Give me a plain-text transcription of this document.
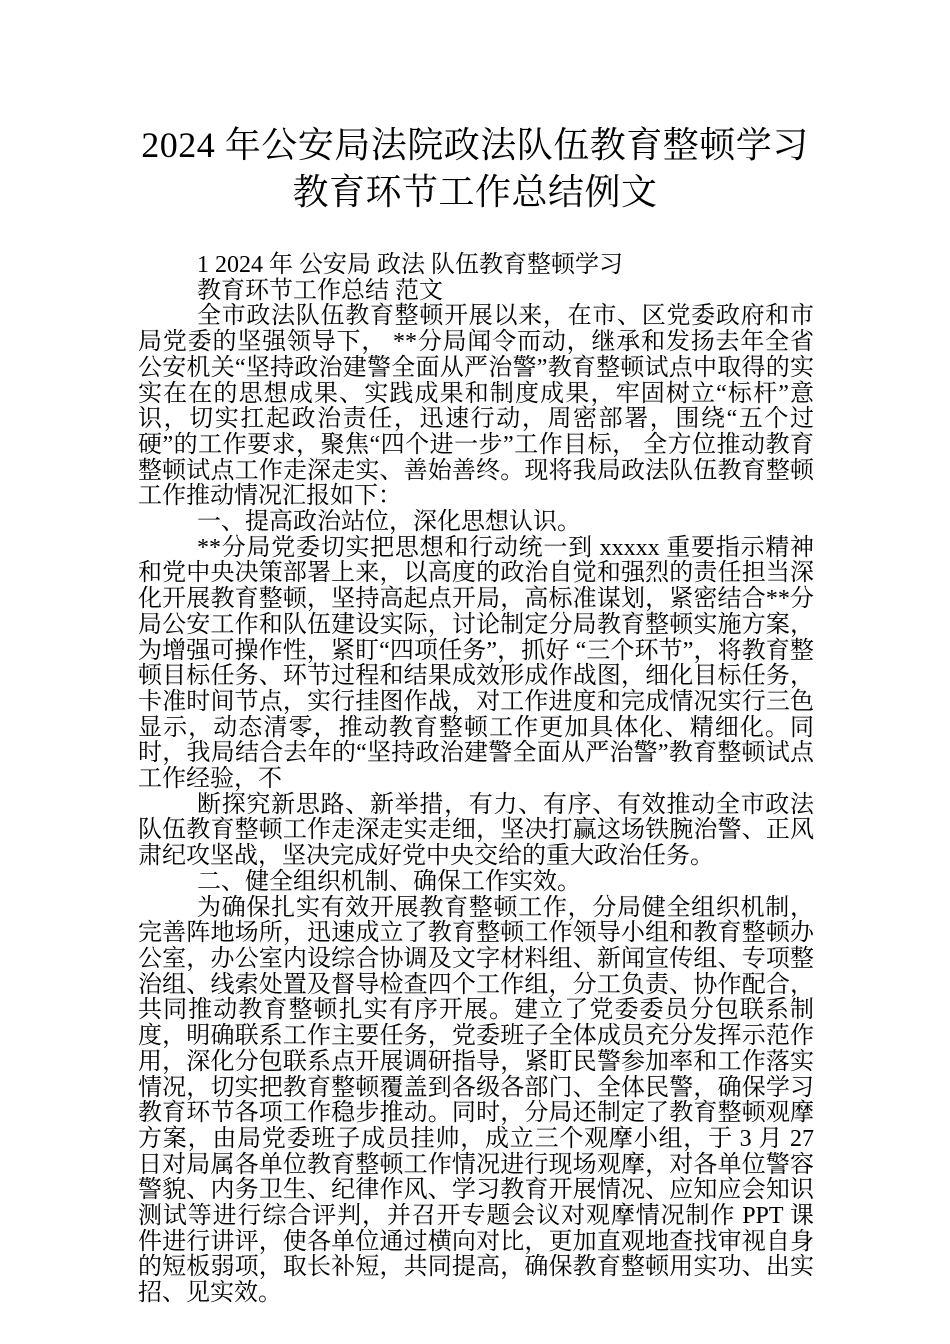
2024 年公安局法院政法队伍教育整顿学习
教育环节工作总结例文

1 2024 年 公安局 政法 队伍教育整顿学习

教育环节工作总结 范文

全市政法队伍教育整顿开展以来，在市、区党委政府和市局党委的坚强领导下， **分局闻令而动，继承和发扬去年全省公安机关“坚持政治建警全面从严治警”教育整顿试点中取得的实实在在的思想成果、实践成果和制度成果，牢固树立“标杆”意识，切实扛起政治责任，迅速行动，周密部署，围绕“五个过硬”的工作要求，聚焦“四个进一步”工作目标， 全方位推动教育整顿试点工作走深走实、善始善终。现将我局政法队伍教育整顿工作推动情况汇报如下：

一、提高政治站位，深化思想认识。

**分局党委切实把思想和行动统一到 xxxxx 重要指示精神和党中央决策部署上来，以高度的政治自觉和强烈的责任担当深化开展教育整顿，坚持高起点开局，高标准谋划，紧密结合**分局公安工作和队伍建设实际，讨论制定分局教育整顿实施方案，为增强可操作性，紧盯“四项任务”，抓好 “三个环节”，将教育整顿目标任务、环节过程和结果成效形成作战图，细化目标任务，卡准时间节点，实行挂图作战，对工作进度和完成情况实行三色显示，动态清零，推动教育整顿工作更加具体化、精细化。同时，我局结合去年的“坚持政治建警全面从严治警”教育整顿试点工作经验，不

断探究新思路、新举措，有力、有序、有效推动全市政法队伍教育整顿工作走深走实走细，坚决打赢这场铁腕治警、正风肃纪攻坚战，坚决完成好党中央交给的重大政治任务。

二、健全组织机制、确保工作实效。

为确保扎实有效开展教育整顿工作，分局健全组织机制，完善阵地场所，迅速成立了教育整顿工作领导小组和教育整顿办公室，办公室内设综合协调及文字材料组、新闻宣传组、专项整治组、线索处置及督导检查四个工作组，分工负责、协作配合，共同推动教育整顿扎实有序开展。建立了党委委员分包联系制度，明确联系工作主要任务，党委班子全体成员充分发挥示范作用，深化分包联系点开展调研指导，紧盯民警参加率和工作落实情况，切实把教育整顿覆盖到各级各部门、全体民警，确保学习教育环节各项工作稳步推动。同时，分局还制定了教育整顿观摩方案，由局党委班子成员挂帅，成立三个观摩小组，于 3 月 27 日对局属各单位教育整顿工作情况进行现场观摩，对各单位警容警貌、内务卫生、纪律作风、学习教育开展情况、应知应会知识测试等进行综合评判，并召开专题会议对观摩情况制作 PPT 课件进行讲评，使各单位通过横向对比，更加直观地查找审视自身的短板弱项，取长补短，共同提高，确保教育整顿用实功、出实招、见实效。
